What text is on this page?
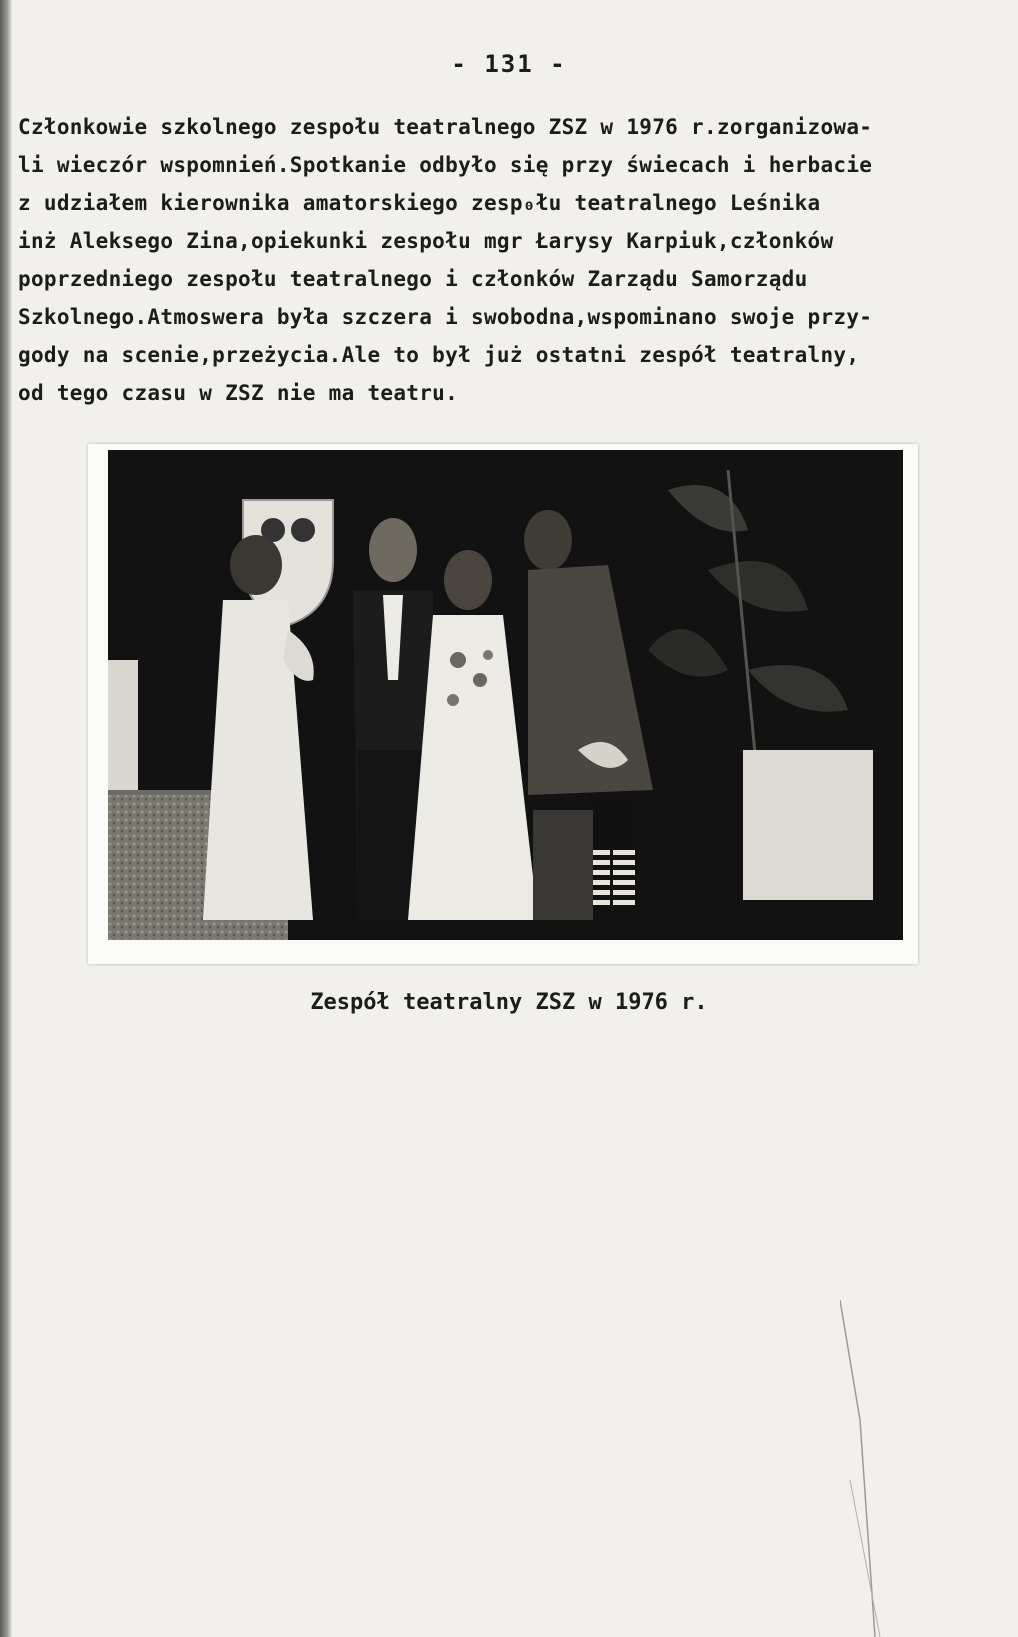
- 131 -
Członkowie szkolnego zespołu teatralnego ZSZ w 1976 r.zorganizowa-
li wieczór wspomnień.Spotkanie odbyło się przy świecach i herbacie
z udziałem kierownika amatorskiego zesp₀łu teatralnego Leśnika
inż Aleksego Zina,opiekunki zespołu mgr Łarysy Karpiuk,członków
poprzedniego zespołu teatralnego i członków Zarządu Samorządu
Szkolnego.Atmoswera była szczera i swobodna,wspominano swoje przy-
gody na scenie,przeżycia.Ale to był już ostatni zespół teatralny,
od tego czasu w ZSZ nie ma teatru.
Zespół teatralny ZSZ w 1976 r.
